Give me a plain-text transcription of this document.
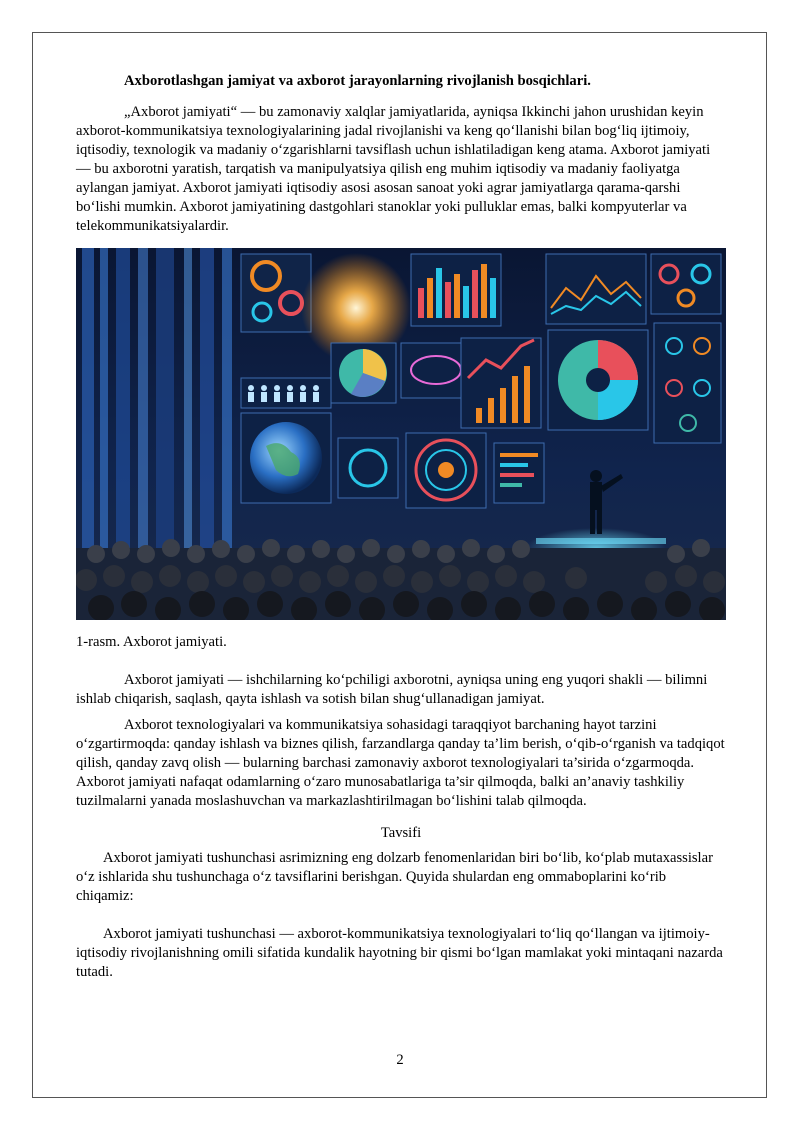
Axborotlashgan jamiyat va axborot jarayonlarning rivojlanish bosqichlari.

„Axborot jamiyati“ — bu zamonaviy xalqlar jamiyatlarida, ayniqsa Ikkinchi jahon urushidan keyin axborot-kommunikatsiya texnologiyalarining jadal rivojlanishi va keng qo‘llanishi bilan bog‘liq ijtimoiy, iqtisodiy, texnologik va madaniy o‘zgarishlarni tavsiflash uchun ishlatiladigan keng atama. Axborot jamiyati — bu axborotni yaratish, tarqatish va manipulyatsiya qilish eng muhim iqtisodiy va madaniy faoliyatga aylangan jamiyat. Axborot jamiyati iqtisodiy asosi asosan sanoat yoki agrar jamiyatlarga qarama-qarshi bo‘lishi mumkin. Axborot jamiyatining dastgohlari stanoklar yoki pulluklar emas, balki kompyuterlar va telekommunikatsiyalardir.

1-rasm. Axborot jamiyati.

Axborot jamiyati — ishchilarning ko‘pchiligi axborotni, ayniqsa uning eng yuqori shakli — bilimni ishlab chiqarish, saqlash, qayta ishlash va sotish bilan shug‘ullanadigan jamiyat.

Axborot texnologiyalari va kommunikatsiya sohasidagi taraqqiyot barchaning hayot tarzini o‘zgartirmoqda: qanday ishlash va biznes qilish, farzandlarga qanday ta’lim berish, o‘qib-o‘rganish va tadqiqot qilish, qanday zavq olish — bularning barchasi zamonaviy axborot texnologiyalari ta’sirida o‘zgarmoqda. Axborot jamiyati nafaqat odamlarning o‘zaro munosabatlariga ta’sir qilmoqda, balki an’anaviy tashkiliy tuzilmalarni yanada moslashuvchan va markazlashtirilmagan bo‘lishini talab qilmoqda.

Tavsifi

Axborot jamiyati tushunchasi asrimizning eng dolzarb fenomenlaridan biri bo‘lib, ko‘plab mutaxassislar o‘z ishlarida shu tushunchaga o‘z tavsiflarini berishgan. Quyida shulardan eng ommaboplarini ko‘rib chiqamiz:

Axborot jamiyati tushunchasi — axborot-kommunikatsiya texnologiyalari to‘liq qo‘llangan va ijtimoiy-iqtisodiy rivojlanishning omili sifatida kundalik hayotning bir qismi bo‘lgan mamlakat yoki mintaqani nazarda tutadi.

2
